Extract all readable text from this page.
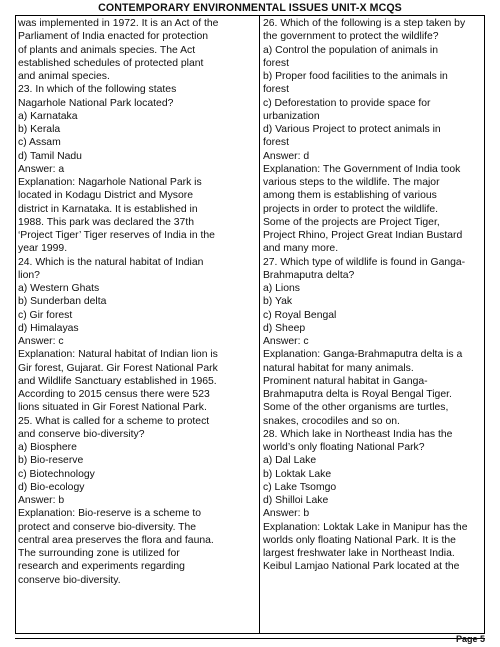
CONTEMPORARY ENVIRONMENTAL ISSUES UNIT-X MCQS
was implemented in 1972. It is an Act of the
Parliament of India enacted for protection
of plants and animals species. The Act
established schedules of protected plant
and animal species.
23. In which of the following states
Nagarhole National Park located?
a) Karnataka
b) Kerala
c) Assam
d) Tamil Nadu
Answer: a
Explanation: Nagarhole National Park is
located in Kodagu District and Mysore
district in Karnataka. It is established in
1988. This park was declared the 37th
‘Project Tiger’ Tiger reserves of India in the
year 1999.
24. Which is the natural habitat of Indian
lion?
a) Western Ghats
b) Sunderban delta
c) Gir forest
d) Himalayas
Answer: c
Explanation: Natural habitat of Indian lion is
Gir forest, Gujarat. Gir Forest National Park
and Wildlife Sanctuary established in 1965.
According to 2015 census there were 523
lions situated in Gir Forest National Park.
25. What is called for a scheme to protect
and conserve bio-diversity?
a) Biosphere
b) Bio-reserve
c) Biotechnology
d) Bio-ecology
Answer: b
Explanation: Bio-reserve is a scheme to
protect and conserve bio-diversity. The
central area preserves the flora and fauna.
The surrounding zone is utilized for
research and experiments regarding
conserve bio-diversity.
26. Which of the following is a step taken by
the government to protect the wildlife?
a) Control the population of animals in
forest
b) Proper food facilities to the animals in
forest
c) Deforestation to provide space for
urbanization
d) Various Project to protect animals in
forest
Answer: d
Explanation: The Government of India took
various steps to the wildlife. The major
among them is establishing of various
projects in order to protect the wildlife.
Some of the projects are Project Tiger,
Project Rhino, Project Great Indian Bustard
and many more.
27. Which type of wildlife is found in Ganga-
Brahmaputra delta?
a) Lions
b) Yak
c) Royal Bengal
d) Sheep
Answer: c
Explanation: Ganga-Brahmaputra delta is a
natural habitat for many animals.
Prominent natural habitat in Ganga-
Brahmaputra delta is Royal Bengal Tiger.
Some of the other organisms are turtles,
snakes, crocodiles and so on.
28. Which lake in Northeast India has the
world’s only floating National Park?
a) Dal Lake
b) Loktak Lake
c) Lake Tsomgo
d) Shilloi Lake
Answer: b
Explanation: Loktak Lake in Manipur has the
worlds only floating National Park. It is the
largest freshwater lake in Northeast India.
Keibul Lamjao National Park located at the
Page 5
